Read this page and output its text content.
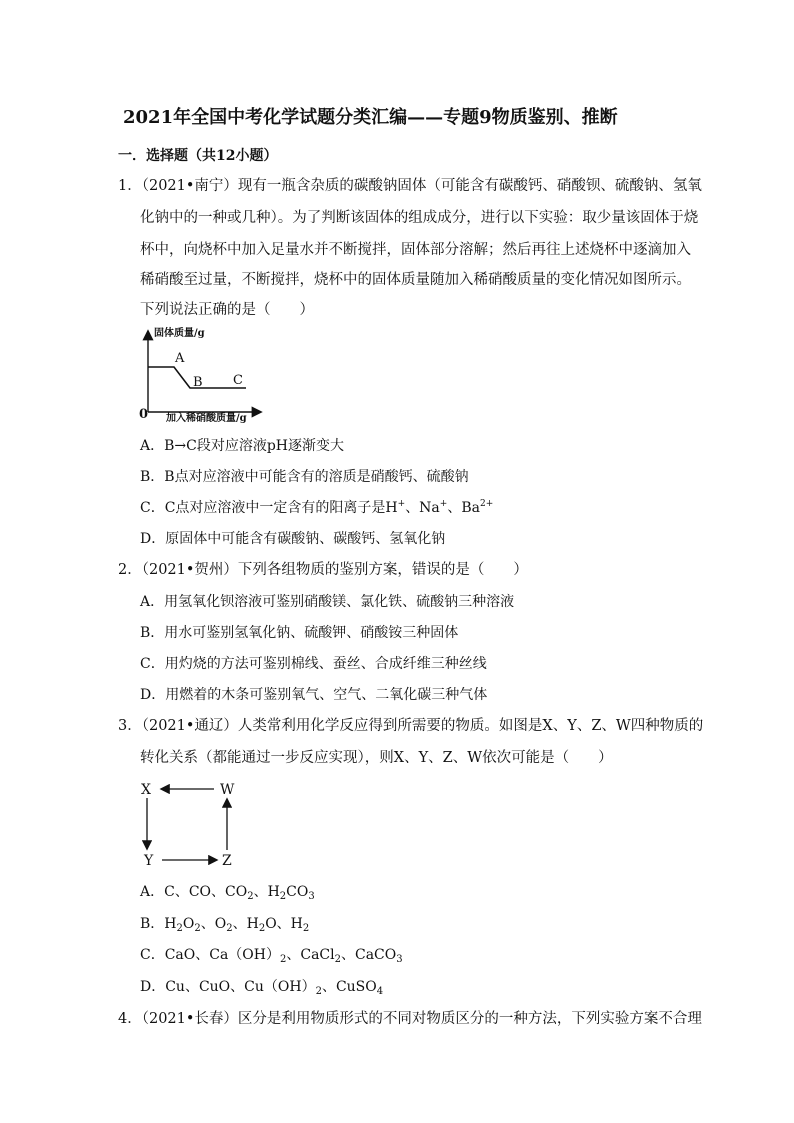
2021年全国中考化学试题分类汇编——专题9物质鉴别、推断
一．选择题（共12小题）
1．（2021•南宁）现有一瓶含杂质的碳酸钠固体（可能含有碳酸钙、硝酸钡、硫酸钠、氢氧
化钠中的一种或几种）。为了判断该固体的组成成分，进行以下实验：取少量该固体于烧
杯中，向烧杯中加入足量水并不断搅拌，固体部分溶解；然后再往上述烧杯中逐滴加入
稀硝酸至过量，不断搅拌，烧杯中的固体质量随加入稀硝酸质量的变化情况如图所示。
下列说法正确的是（　　）
固体质量/g
加入稀硝酸质量/g
0
A
B C
A．B→C段对应溶液pH逐渐变大
B．B点对应溶液中可能含有的溶质是硝酸钙、硫酸钠
C．C点对应溶液中一定含有的阳离子是H+、Na+、$Ba^{2+}$
D．原固体中可能含有碳酸钠、碳酸钙、氢氧化钠
2．（2021•贺州）下列各组物质的鉴别方案，错误的是（　　）
A．用氢氧化钡溶液可鉴别硝酸镁、氯化铁、硫酸钠三种溶液
B．用水可鉴别氢氧化钠、硫酸钾、硝酸铵三种固体
C．用灼烧的方法可鉴别棉线、蚕丝、合成纤维三种丝线
D．用燃着的木条可鉴别氧气、空气、二氧化碳三种气体
3．（2021•通辽）人类常利用化学反应得到所需要的物质。如图是X、Y、Z、W四种物质的
转化关系（都能通过一步反应实现），则X、Y、Z、W依次可能是（　　）
X	W
Y	Z
A．C、CO、$CO_2$、$H_2CO_3$
B．$H_2O_2$、$O_2$、$H_2O$、$H_2$
C．CaO、$Ca(OH)_2$、CaCl$_2$、CaCO$_3$
D．Cu、CuO、$Cu(OH)_2$、CuSO$_4$
4．（2021•长春）区分是利用物质形式的不同对物质区分的一种方法，下列实验方案不合理
